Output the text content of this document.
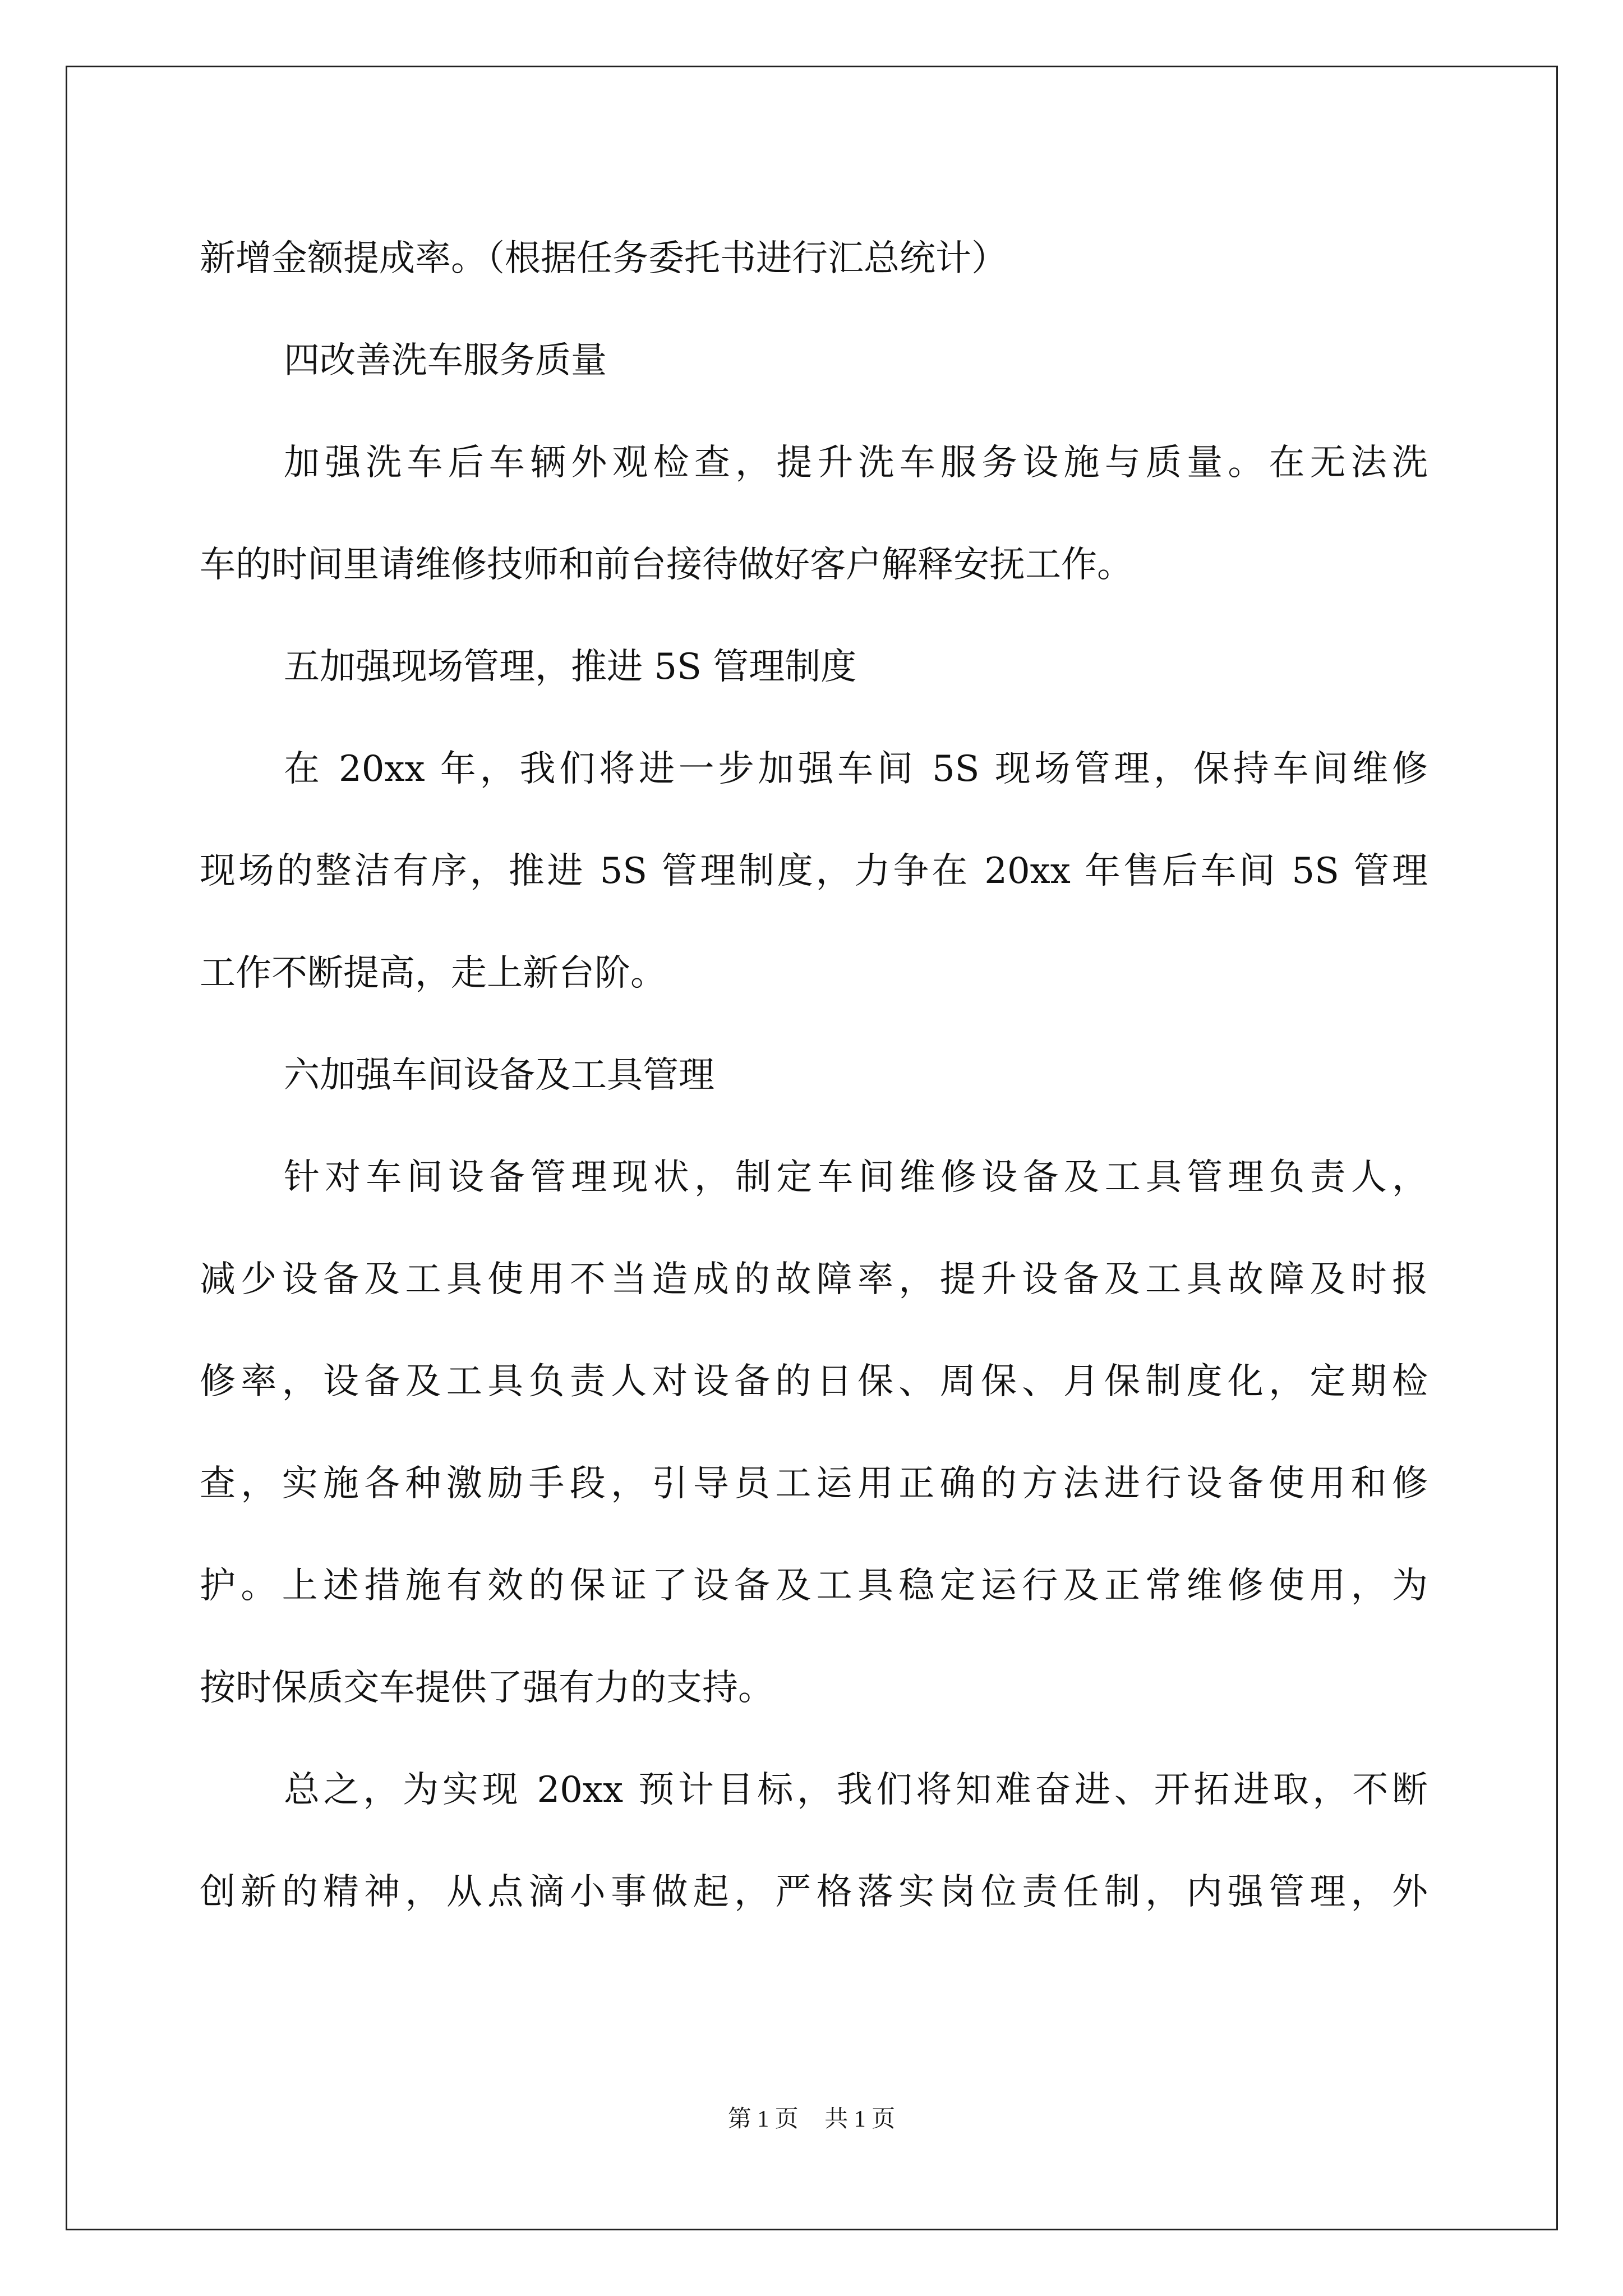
新增金额提成率。（根据任务委托书进行汇总统计）
四改善洗车服务质量
加强洗车后车辆外观检查，提升洗车服务设施与质量。在无法洗
车的时间里请维修技师和前台接待做好客户解释安抚工作。
五加强现场管理，推进 5S 管理制度
在 20xx 年，我们将进一步加强车间 5S 现场管理，保持车间维修
现场的整洁有序，推进 5S 管理制度，力争在 20xx 年售后车间 5S 管理
工作不断提高，走上新台阶。
六加强车间设备及工具管理
针对车间设备管理现状，制定车间维修设备及工具管理负责人，
减少设备及工具使用不当造成的故障率，提升设备及工具故障及时报
修率，设备及工具负责人对设备的日保、周保、月保制度化，定期检
查，实施各种激励手段，引导员工运用正确的方法进行设备使用和修
护。上述措施有效的保证了设备及工具稳定运行及正常维修使用，为
按时保质交车提供了强有力的支持。
总之，为实现 20xx 预计目标，我们将知难奋进、开拓进取，不断
创新的精神，从点滴小事做起，严格落实岗位责任制，内强管理，外
第 1 页 共 1 页
